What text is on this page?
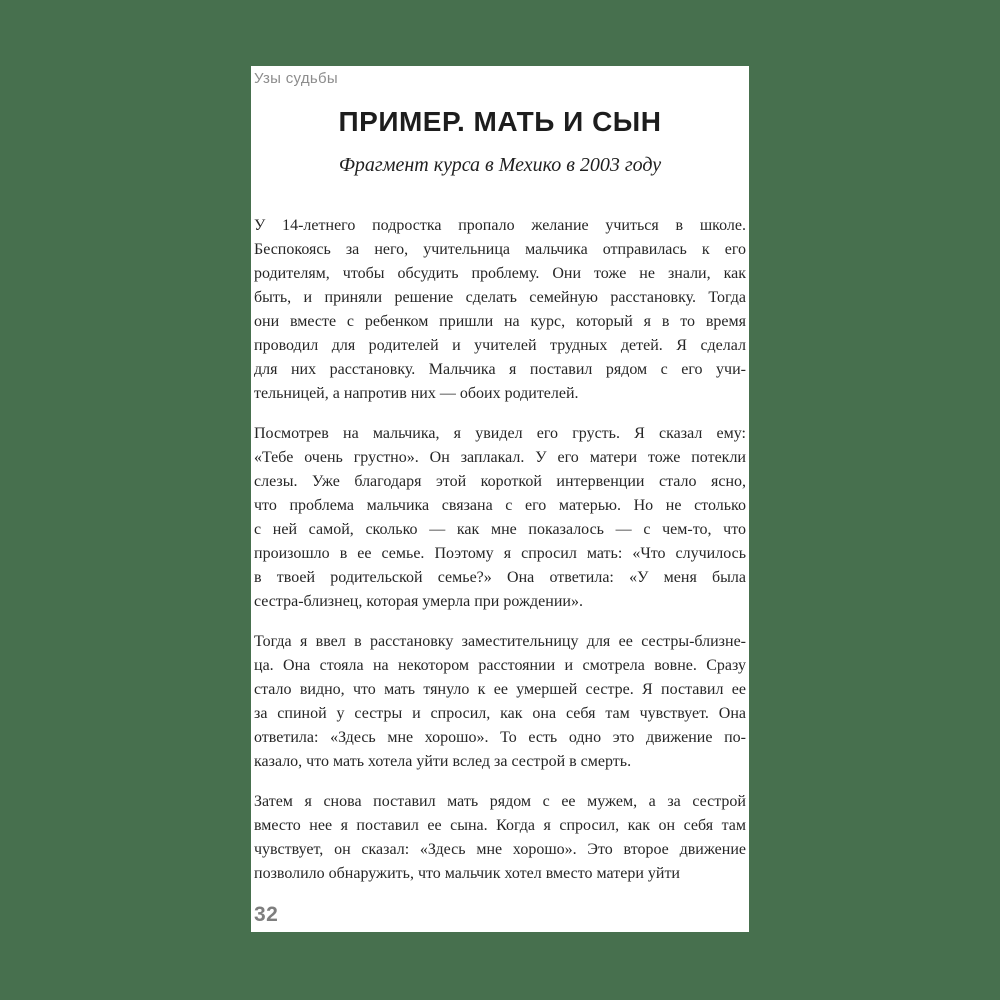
Узы судьбы
ПРИМЕР. МАТЬ И СЫН
Фрагмент курса в Мехико в 2003 году
У 14-летнего подростка пропало желание учиться в школе.
Беспокоясь за него, учительница мальчика отправилась к его
родителям, чтобы обсудить проблему. Они тоже не знали, как
быть, и приняли решение сделать семейную расстановку. Тогда
они вместе с ребенком пришли на курс, который я в то время
проводил для родителей и учителей трудных детей. Я сделал
для них расстановку. Мальчика я поставил рядом с его учи-
тельницей, а напротив них — обоих родителей.
Посмотрев на мальчика, я увидел его грусть. Я сказал ему:
«Тебе очень грустно». Он заплакал. У его матери тоже потекли
слезы. Уже благодаря этой короткой интервенции стало ясно,
что проблема мальчика связана с его матерью. Но не столько
с ней самой, сколько — как мне показалось — с чем-то, что
произошло в ее семье. Поэтому я спросил мать: «Что случилось
в твоей родительской семье?» Она ответила: «У меня была
сестра-близнец, которая умерла при рождении».
Тогда я ввел в расстановку заместительницу для ее сестры-близне-
ца. Она стояла на некотором расстоянии и смотрела вовне. Сразу
стало видно, что мать тянуло к ее умершей сестре. Я поставил ее
за спиной у сестры и спросил, как она себя там чувствует. Она
ответила: «Здесь мне хорошо». То есть одно это движение по-
казало, что мать хотела уйти вслед за сестрой в смерть.
Затем я снова поставил мать рядом с ее мужем, а за сестрой
вместо нее я поставил ее сына. Когда я спросил, как он себя там
чувствует, он сказал: «Здесь мне хорошо». Это второе движение
позволило обнаружить, что мальчик хотел вместо матери уйти
32
